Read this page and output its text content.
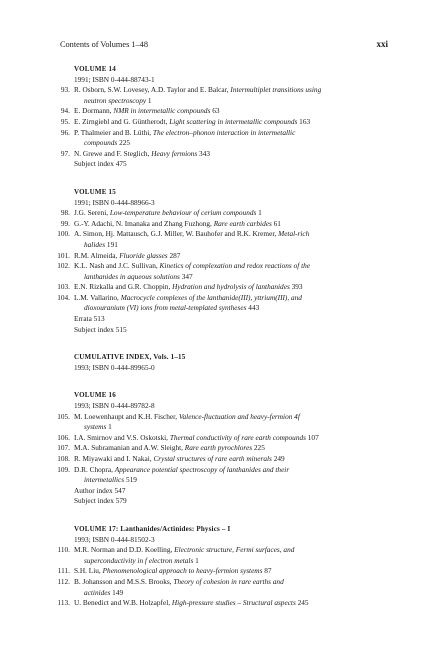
Contents of Volumes 1–48	xxi
VOLUME 14
1991; ISBN 0-444-88743-1
93. R. Osborn, S.W. Lovesey, A.D. Taylor and E. Balcar, Intermultiplet transitions using
neutron spectroscopy 1
94. E. Dormann, NMR in intermetallic compounds 63
95. E. Zirngiebl and G. Güntherodt, Light scattering in intermetallic compounds 163
96. P. Thalmeier and B. Lüthi, The electron–phonon interaction in intermetallic
compounds 225
97. N. Grewe and F. Steglich, Heavy fermions 343
Subject index 475
VOLUME 15
1991; ISBN 0-444-88966-3
98. J.G. Sereni, Low-temperature behaviour of cerium compounds 1
99. G.-Y. Adachi, N. Imanaka and Zhang Fuzhong, Rare earth carbides 61
100. A. Simon, Hj. Mattausch, G.J. Miller, W. Bauhofer and R.K. Kremer, Metal-rich
halides 191
101. R.M. Almeida, Fluoride glasses 287
102. K.L. Nash and J.C. Sullivan, Kinetics of complexation and redox reactions of the
lanthanides in aqueous solutions 347
103. E.N. Rizkalla and G.R. Choppin, Hydration and hydrolysis of lanthanides 393
104. L.M. Vallarino, Macrocycle complexes of the lanthanide(III), yttrium(III), and
dioxouranium (VI) ions from metal-templated syntheses 443
Errata 513
Subject index 515
CUMULATIVE INDEX, Vols. 1–15
1993; ISBN 0-444-89965-0
VOLUME 16
1993; ISBN 0-444-89782-8
105. M. Loewenhaupt and K.H. Fischer, Valence-fluctuation and heavy-fermion 4f
systems 1
106. I.A. Smirnov and V.S. Oskotski, Thermal conductivity of rare earth compounds 107
107. M.A. Subramanian and A.W. Sleight, Rare earth pyrochlores 225
108. R. Miyawaki and I. Nakai, Crystal structures of rare earth minerals 249
109. D.R. Chopra, Appearance potential spectroscopy of lanthanides and their
intermetallics 519
Author index 547
Subject index 579
VOLUME 17: Lanthanides/Actinides: Physics – I
1993; ISBN 0-444-81502-3
110. M.R. Norman and D.D. Koelling, Electronic structure, Fermi surfaces, and
superconductivity in f electron metals 1
111. S.H. Liu, Phenomenological approach to heavy-fermion systems 87
112. B. Johansson and M.S.S. Brooks, Theory of cohesion in rare earths and
actinides 149
113. U. Benedict and W.B. Holzapfel, High-pressure studies – Structural aspects 245
